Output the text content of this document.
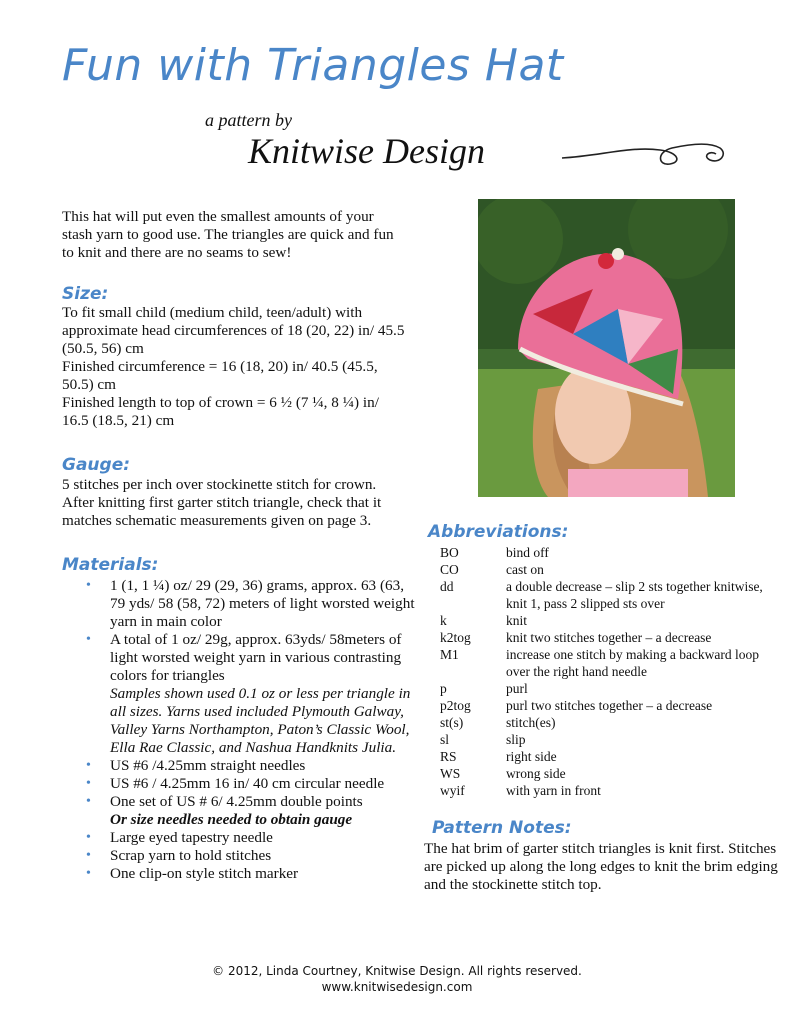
Fun with Triangles Hat
a pattern by
Knitwise Design
This hat will put even the smallest amounts of your stash yarn to good use. The triangles are quick and fun to knit and there are no seams to sew!
Size:
To fit small child (medium child, teen/adult) with approximate head circumferences of 18 (20, 22) in/ 45.5 (50.5, 56) cm
Finished circumference = 16 (18, 20) in/ 40.5 (45.5, 50.5) cm
Finished length to top of crown = 6 ½ (7 ¼, 8 ¼) in/ 16.5 (18.5, 21) cm
Gauge:
5 stitches per inch over stockinette stitch for crown. After knitting first garter stitch triangle, check that it matches schematic measurements given on page 3.
Materials:
• 1 (1, 1 ¼) oz/ 29 (29, 36) grams, approx. 63 (63, 79 yds/ 58 (58, 72) meters of light worsted weight yarn in main color
• A total of 1 oz/ 29g, approx. 63yds/ 58meters of light worsted weight yarn in various contrasting colors for triangles
Samples shown used 0.1 oz or less per triangle in all sizes. Yarns used included Plymouth Galway, Valley Yarns Northampton, Paton’s Classic Wool, Ella Rae Classic, and Nashua Handknits Julia.
• US #6 /4.25mm straight needles
• US #6 / 4.25mm 16 in/ 40 cm circular needle
• One set of US # 6/ 4.25mm double points
Or size needles needed to obtain gauge
• Large eyed tapestry needle
• Scrap yarn to hold stitches
• One clip-on style stitch marker
Abbreviations:
BO	bind off
CO	cast on
dd	a double decrease – slip 2 sts together knitwise, knit 1, pass 2 slipped sts over
k	knit
k2tog	knit two stitches together – a decrease
M1	increase one stitch by making a backward loop over the right hand needle
p	purl
p2tog	purl two stitches together – a decrease
st(s)	stitch(es)
sl	slip
RS	right side
WS	wrong side
wyif	with yarn in front
Pattern Notes:
The hat brim of garter stitch triangles is knit first. Stitches are picked up along the long edges to knit the brim edging and the stockinette stitch top.
© 2012, Linda Courtney, Knitwise Design. All rights reserved.
www.knitwisedesign.com
